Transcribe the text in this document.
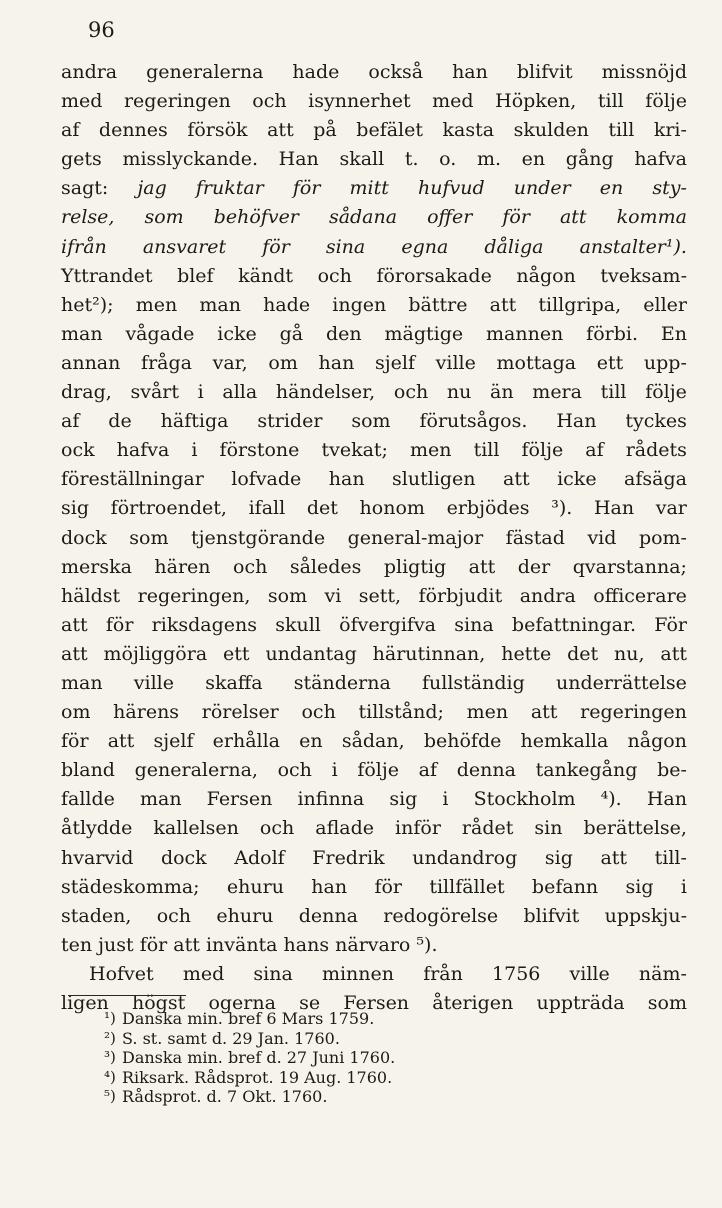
96
andra generalerna hade också han blifvit missnöjd
med regeringen och isynnerhet med Höpken, till följe
af dennes försök att på befälet kasta skulden till kri-
gets misslyckande. Han skall t. o. m. en gång hafva
sagt: jag fruktar för mitt hufvud under en sty-
relse, som behöfver sådana offer för att komma
ifrån ansvaret för sina egna dåliga anstalter¹).
Yttrandet blef kändt och förorsakade någon tveksam-
het²); men man hade ingen bättre att tillgripa, eller
man vågade icke gå den mägtige mannen förbi. En
annan fråga var, om han sjelf ville mottaga ett upp-
drag, svårt i alla händelser, och nu än mera till följe
af de häftiga strider som förutsågos. Han tyckes
ock hafva i förstone tvekat; men till följe af rådets
föreställningar lofvade han slutligen att icke afsäga
sig förtroendet, ifall det honom erbjödes ³). Han var
dock som tjenstgörande general-major fästad vid pom-
merska hären och således pligtig att der qvarstanna;
häldst regeringen, som vi sett, förbjudit andra officerare
att för riksdagens skull öfvergifva sina befattningar. För
att möjliggöra ett undantag härutinnan, hette det nu, att
man ville skaffa ständerna fullständig underrättelse
om härens rörelser och tillstånd; men att regeringen
för att sjelf erhålla en sådan, behöfde hemkalla någon
bland generalerna, och i följe af denna tankegång be-
fallde man Fersen infinna sig i Stockholm ⁴). Han
åtlydde kallelsen och aflade inför rådet sin berättelse,
hvarvid dock Adolf Fredrik undandrog sig att till-
städeskomma; ehuru han för tillfället befann sig i
staden, och ehuru denna redogörelse blifvit uppskju-
ten just för att invänta hans närvaro ⁵).
Hofvet med sina minnen från 1756 ville näm-
ligen högst ogerna se Fersen återigen uppträda som
¹) Danska min. bref 6 Mars 1759.
²) S. st. samt d. 29 Jan. 1760.
³) Danska min. bref d. 27 Juni 1760.
⁴) Riksark. Rådsprot. 19 Aug. 1760.
⁵) Rådsprot. d. 7 Okt. 1760.
